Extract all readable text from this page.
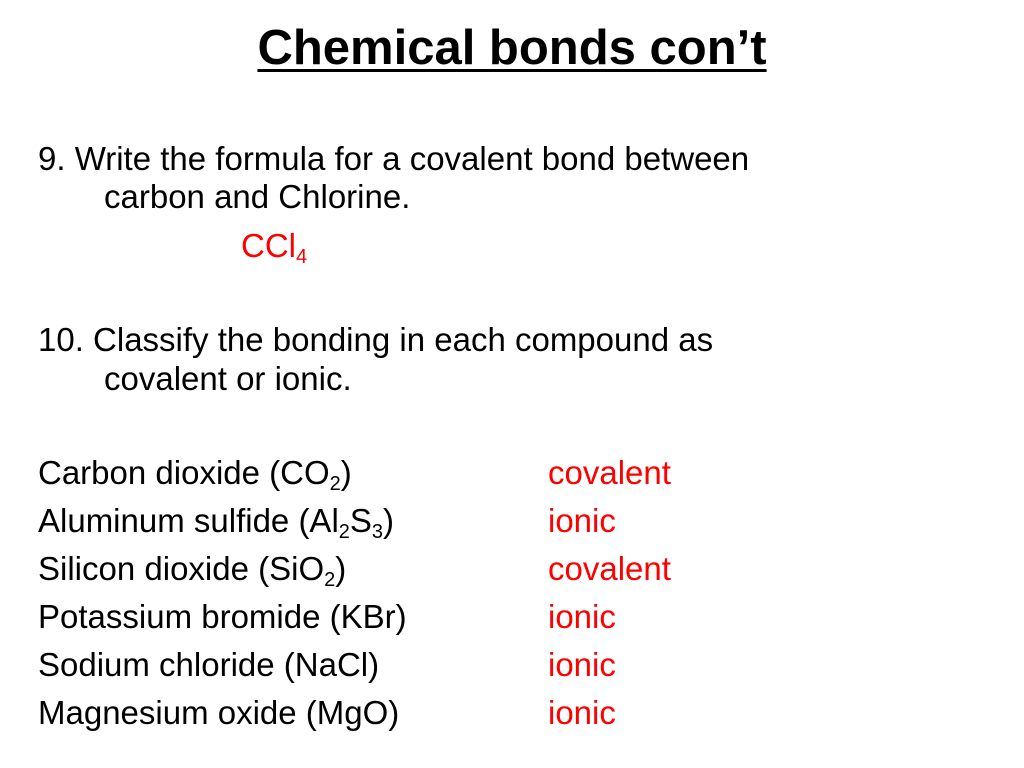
Chemical bonds con’t
9. Write the formula for a covalent bond between
carbon and Chlorine.
CCl$_4$
10. Classify the bonding in each compound as
covalent or ionic.
Carbon dioxide $(CO_2)$	covalent
Aluminum sulfide $(Al_2S_3)$	ionic
Silicon dioxide (SiO$_2$)	covalent
Potassium bromide (KBr)	ionic
Sodium chloride (NaCl)	ionic
Magnesium oxide (MgO)	ionic
